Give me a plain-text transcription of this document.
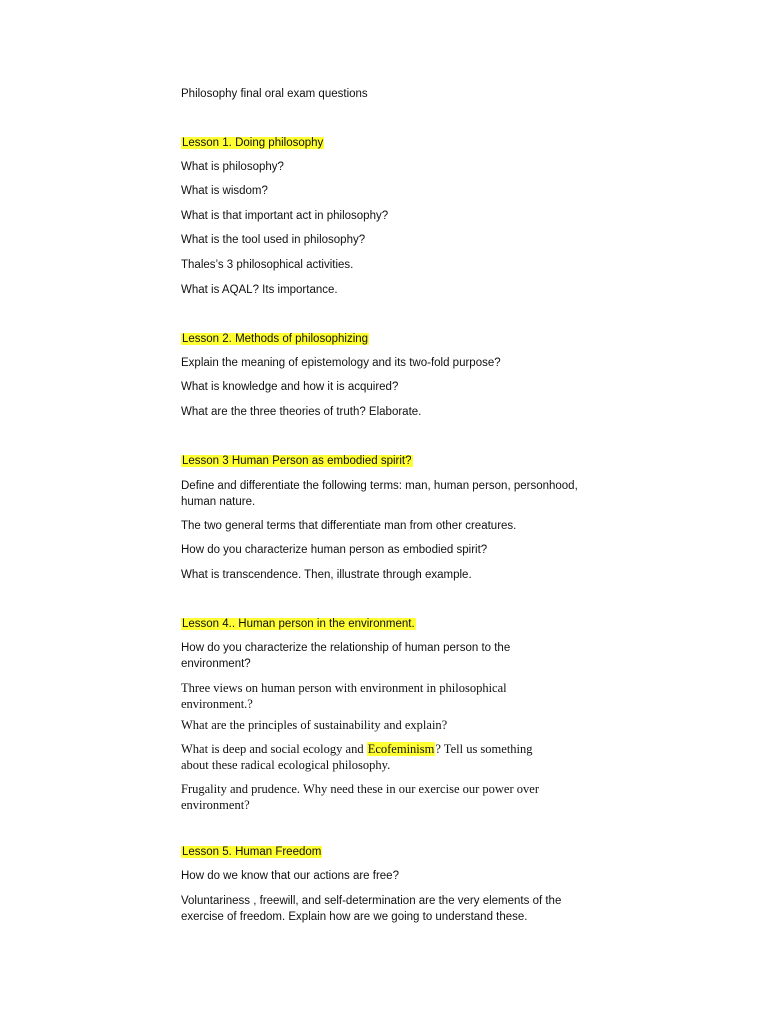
Philosophy final oral exam questions

Lesson 1. Doing philosophy

What is philosophy?

What is wisdom?

What is that important act in philosophy?

What is the tool used in philosophy?

Thales’s 3 philosophical activities.

What is AQAL? Its importance.

Lesson 2. Methods of philosophizing

Explain the meaning of epistemology and its two-fold purpose?

What is knowledge and how it is acquired?

What are the three theories of truth? Elaborate.

Lesson 3 Human Person as embodied spirit?

Define and differentiate the following terms: man, human person, personhood, human nature.

The two general terms that differentiate man from other creatures.

How do you characterize human person as embodied spirit?

What is transcendence. Then, illustrate through example.

Lesson 4.. Human person in the environment.

How do you characterize the relationship of human person to the environment?

Three views on human person with environment in philosophical environment.?

What are the principles of sustainability and explain?

What is deep and social ecology and Ecofeminism? Tell us something about these radical ecological philosophy.

Frugality and prudence. Why need these in our exercise our power over environment?

Lesson 5. Human Freedom

How do we know that our actions are free?

Voluntariness , freewill, and self-determination are the very elements of the exercise of freedom. Explain how are we going to understand these.
